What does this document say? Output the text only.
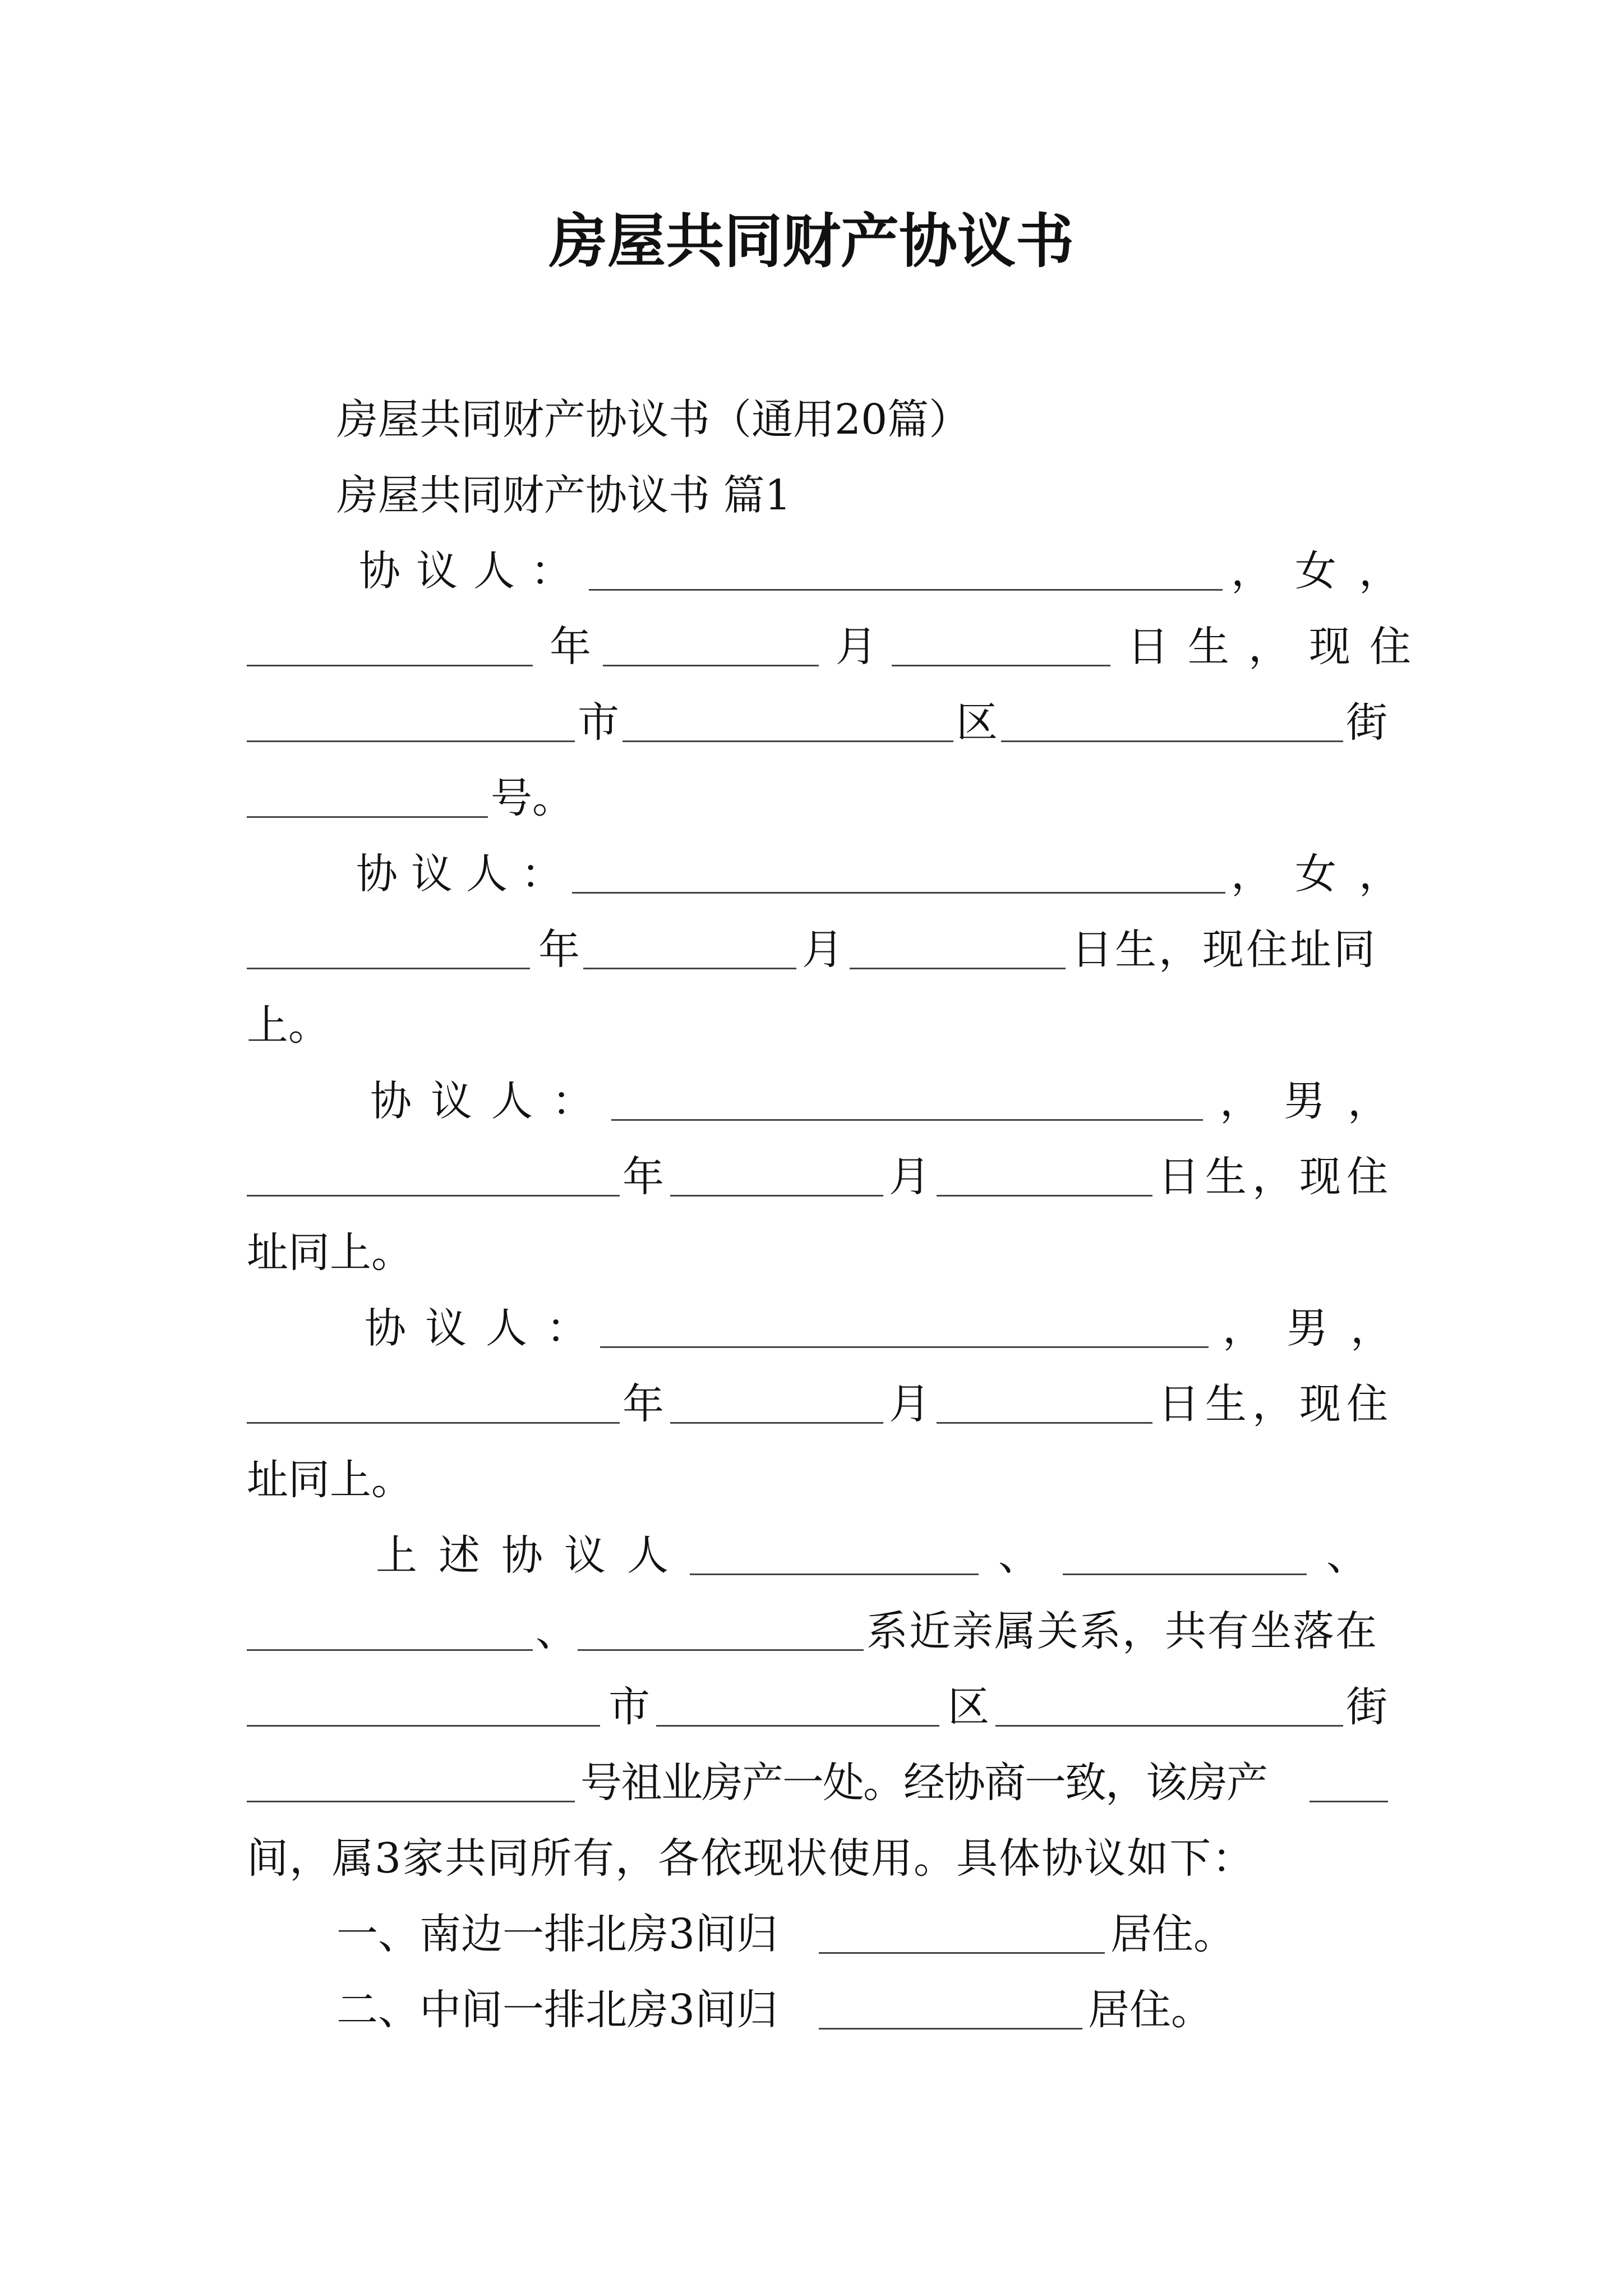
房屋共同财产协议书
房屋共同财产协议书（通用20篇）
房屋共同财产协议书 篇1
协议人：	，女，
年	月	日生，现住
市	区	街
号。
协议人：	，女，
年	月	日生，现住址同
上。
协议人：	，男，
年	月	日生，现住
址同上。
协议人：	，男，
年	月	日生，现住
址同上。
上述协议人	、	、
、	系近亲属关系，共有坐落在
市	区	街
号祖业房产一处。经协商一致，该房产
间，属3家共同所有，各依现状使用。具体协议如下：
一、南边一排北房3间归	居住。
二、中间一排北房3间归	居住。
